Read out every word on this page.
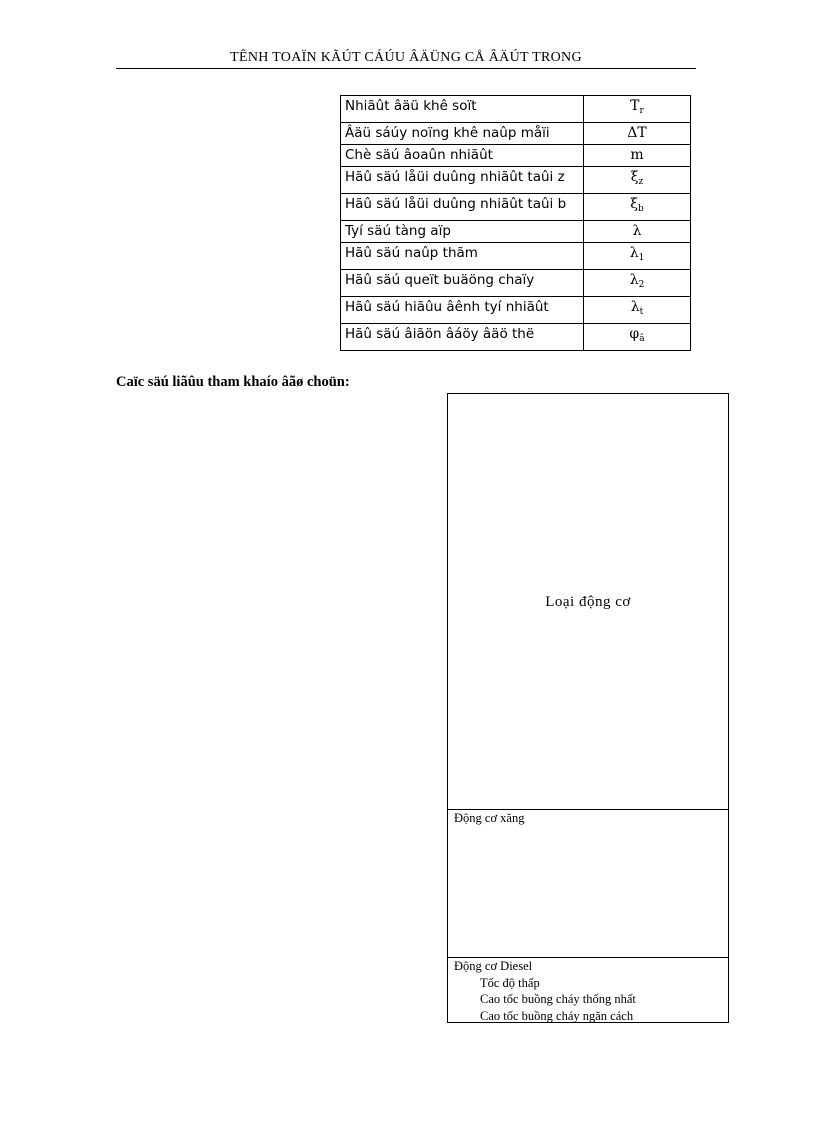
TÊNH TOAÏN KÃÚT CÁÚU ÂÄÜNG CÅ ÂÄÚT TRONG
Nhiãût âäü khê soït	$T_r$
Âäü sáúy noïng khê naûp måïi	ΔT
Chè säú âoaûn nhiãût	m
Hãû säú låüi duûng nhiãût taûi z	$\xi_z$
Hãû säú låüi duûng nhiãût taûi b	$\xi_b$
Tyí säú tàng aïp	λ
Hãû säú naûp thãm	$\lambda_1$
Hãû säú queït buäöng chaïy	$\lambda_2$
Hãû säú hiãûu âênh tyí nhiãût	$\lambda_t$
Hãû säú âiãön âáöy âäö thë	$\varphi_â$
Caïc säú liãûu tham khaío âãø choün:
Loại động cơ
Động cơ xăng
Động cơ Diesel
Tốc độ thấp
Cao tốc buồng cháy thống nhất
Cao tốc buồng cháy ngăn cách
